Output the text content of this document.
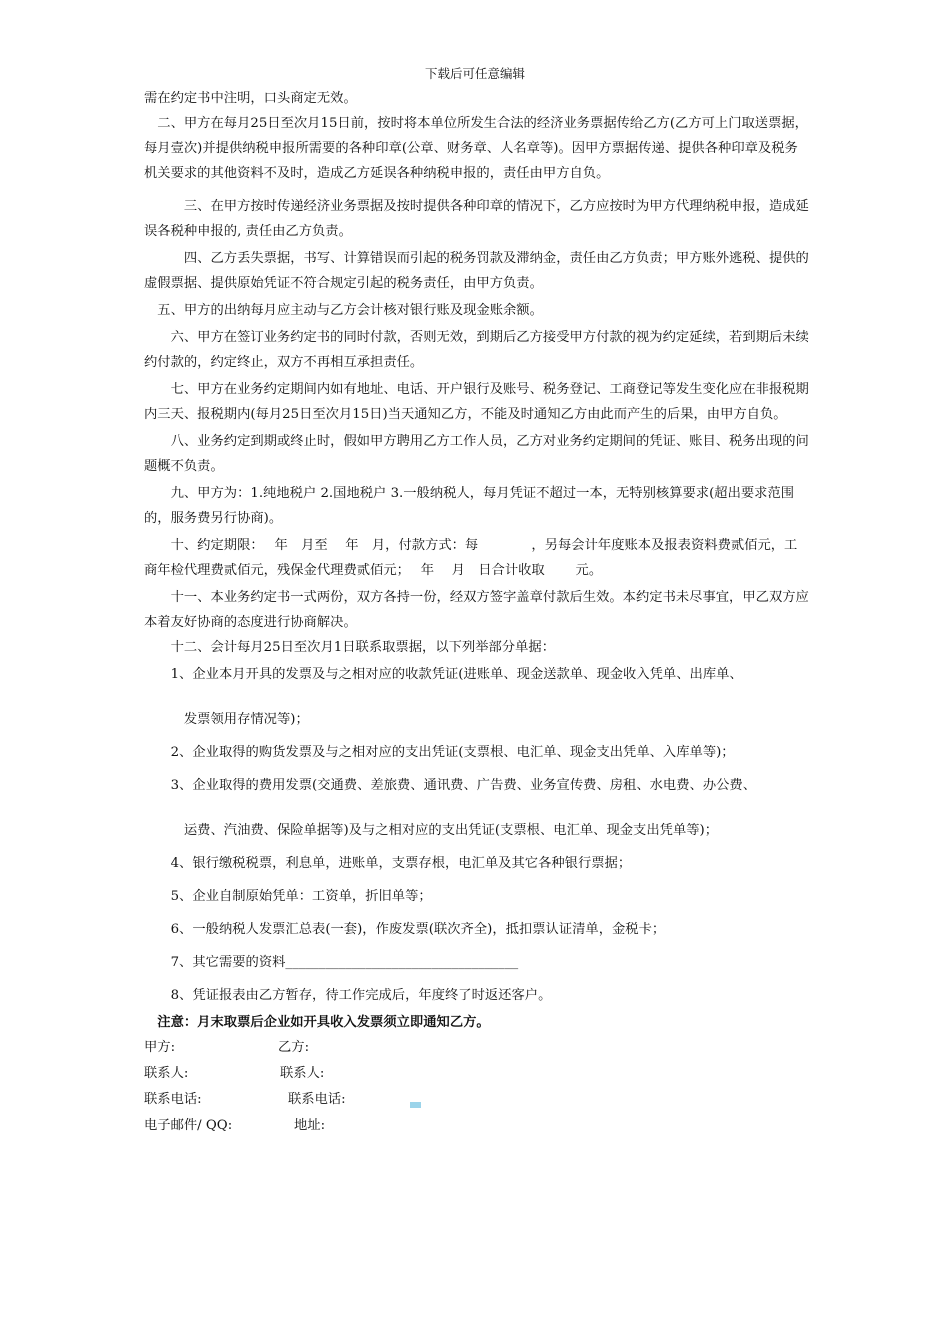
下载后可任意编辑

需在约定书中注明，口头商定无效。

　二、甲方在每月25日至次月15日前，按时将本单位所发生合法的经济业务票据传给乙方(乙方可上门取送票据，每月壹次)并提供纳税申报所需要的各种印章(公章、财务章、人名章等)。因甲方票据传递、提供各种印章及税务机关要求的其他资料不及时，造成乙方延误各种纳税申报的，责任由甲方自负。

　　　三、在甲方按时传递经济业务票据及按时提供各种印章的情况下，乙方应按时为甲方代理纳税申报，造成延误各税种申报的, 责任由乙方负责。

　　　四、乙方丢失票据，书写、计算错误而引起的税务罚款及滞纳金，责任由乙方负责；甲方账外逃税、提供的虚假票据、提供原始凭证不符合规定引起的税务责任，由甲方负责。

　五、甲方的出纳每月应主动与乙方会计核对银行账及现金账余额。

　　六、甲方在签订业务约定书的同时付款，否则无效，到期后乙方接受甲方付款的视为约定延续，若到期后未续约付款的，约定终止，双方不再相互承担责任。

　　七、甲方在业务约定期间内如有地址、电话、开户银行及账号、税务登记、工商登记等发生变化应在非报税期内三天、报税期内(每月25日至次月15日)当天通知乙方，不能及时通知乙方由此而产生的后果，由甲方自负。

　　八、业务约定到期或终止时，假如甲方聘用乙方工作人员，乙方对业务约定期间的凭证、账目、税务出现的问题概不负责。

　　九、甲方为：1.纯地税户 2.国地税户 3.一般纳税人，每月凭证不超过一本，无特别核算要求(超出要求范围的，服务费另行协商)。

　　十、约定期限：　 年　月至　 年　月，付款方式：每　　　　，另每会计年度账本及报表资料费贰佰元，工商年检代理费贰佰元，残保金代理费贰佰元；　 年　 月　日合计收取　　 元。

　　十一、本业务约定书一式两份，双方各持一份，经双方签字盖章付款后生效。本约定书未尽事宜，甲乙双方应本着友好协商的态度进行协商解决。

　　十二、会计每月25日至次月1日联系取票据，以下列举部分单据：

　　1、企业本月开具的发票及与之相对应的收款凭证(进账单、现金送款单、现金收入凭单、出库单、

　　　发票领用存情况等)；

　　2、企业取得的购货发票及与之相对应的支出凭证(支票根、电汇单、现金支出凭单、入库单等)；

　　3、企业取得的费用发票(交通费、差旅费、通讯费、广告费、业务宣传费、房租、水电费、办公费、

　　　运费、汽油费、保险单据等)及与之相对应的支出凭证(支票根、电汇单、现金支出凭单等)；

　　4、银行缴税税票，利息单，进账单，支票存根，电汇单及其它各种银行票据；

　　5、企业自制原始凭单：工资单，折旧单等；

　　6、一般纳税人发票汇总表(一套)，作废发票(联次齐全)，抵扣票认证清单，金税卡；

　　7、其它需要的资料___________________________________

　　8、凭证报表由乙方暂存，待工作完成后，年度终了时返还客户。

　注意：月末取票后企业如开具收入发票须立即通知乙方。

甲方:	乙方:
联系人:	联系人:
联系电话:	联系电话:
电子邮件/ QQ:	地址:
